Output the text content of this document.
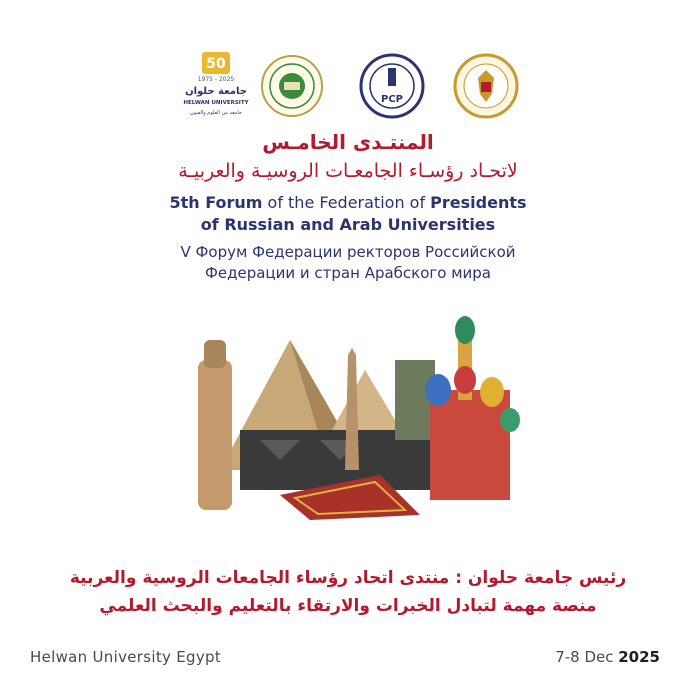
50
1975 - 2025
جامعة حلوان
HELWAN UNIVERSITY
جامعة من العلوم والفنون
РСР
المنتـدى الخامـس
لاتحـاد رؤسـاء الجامعـات الروسيـة والعربيـة
5th Forum of the Federation of Presidents
of Russian and Arab Universities
V Форум Федерации ректоров Российской
Федерации и стран Арабского мира
رئيس جامعة حلوان : منتدى اتحاد رؤساء الجامعات الروسية والعربية
منصة مهمة لتبادل الخبرات والارتقاء بالتعليم والبحث العلمي
Helwan University Egypt	7-8 Dec 2025
